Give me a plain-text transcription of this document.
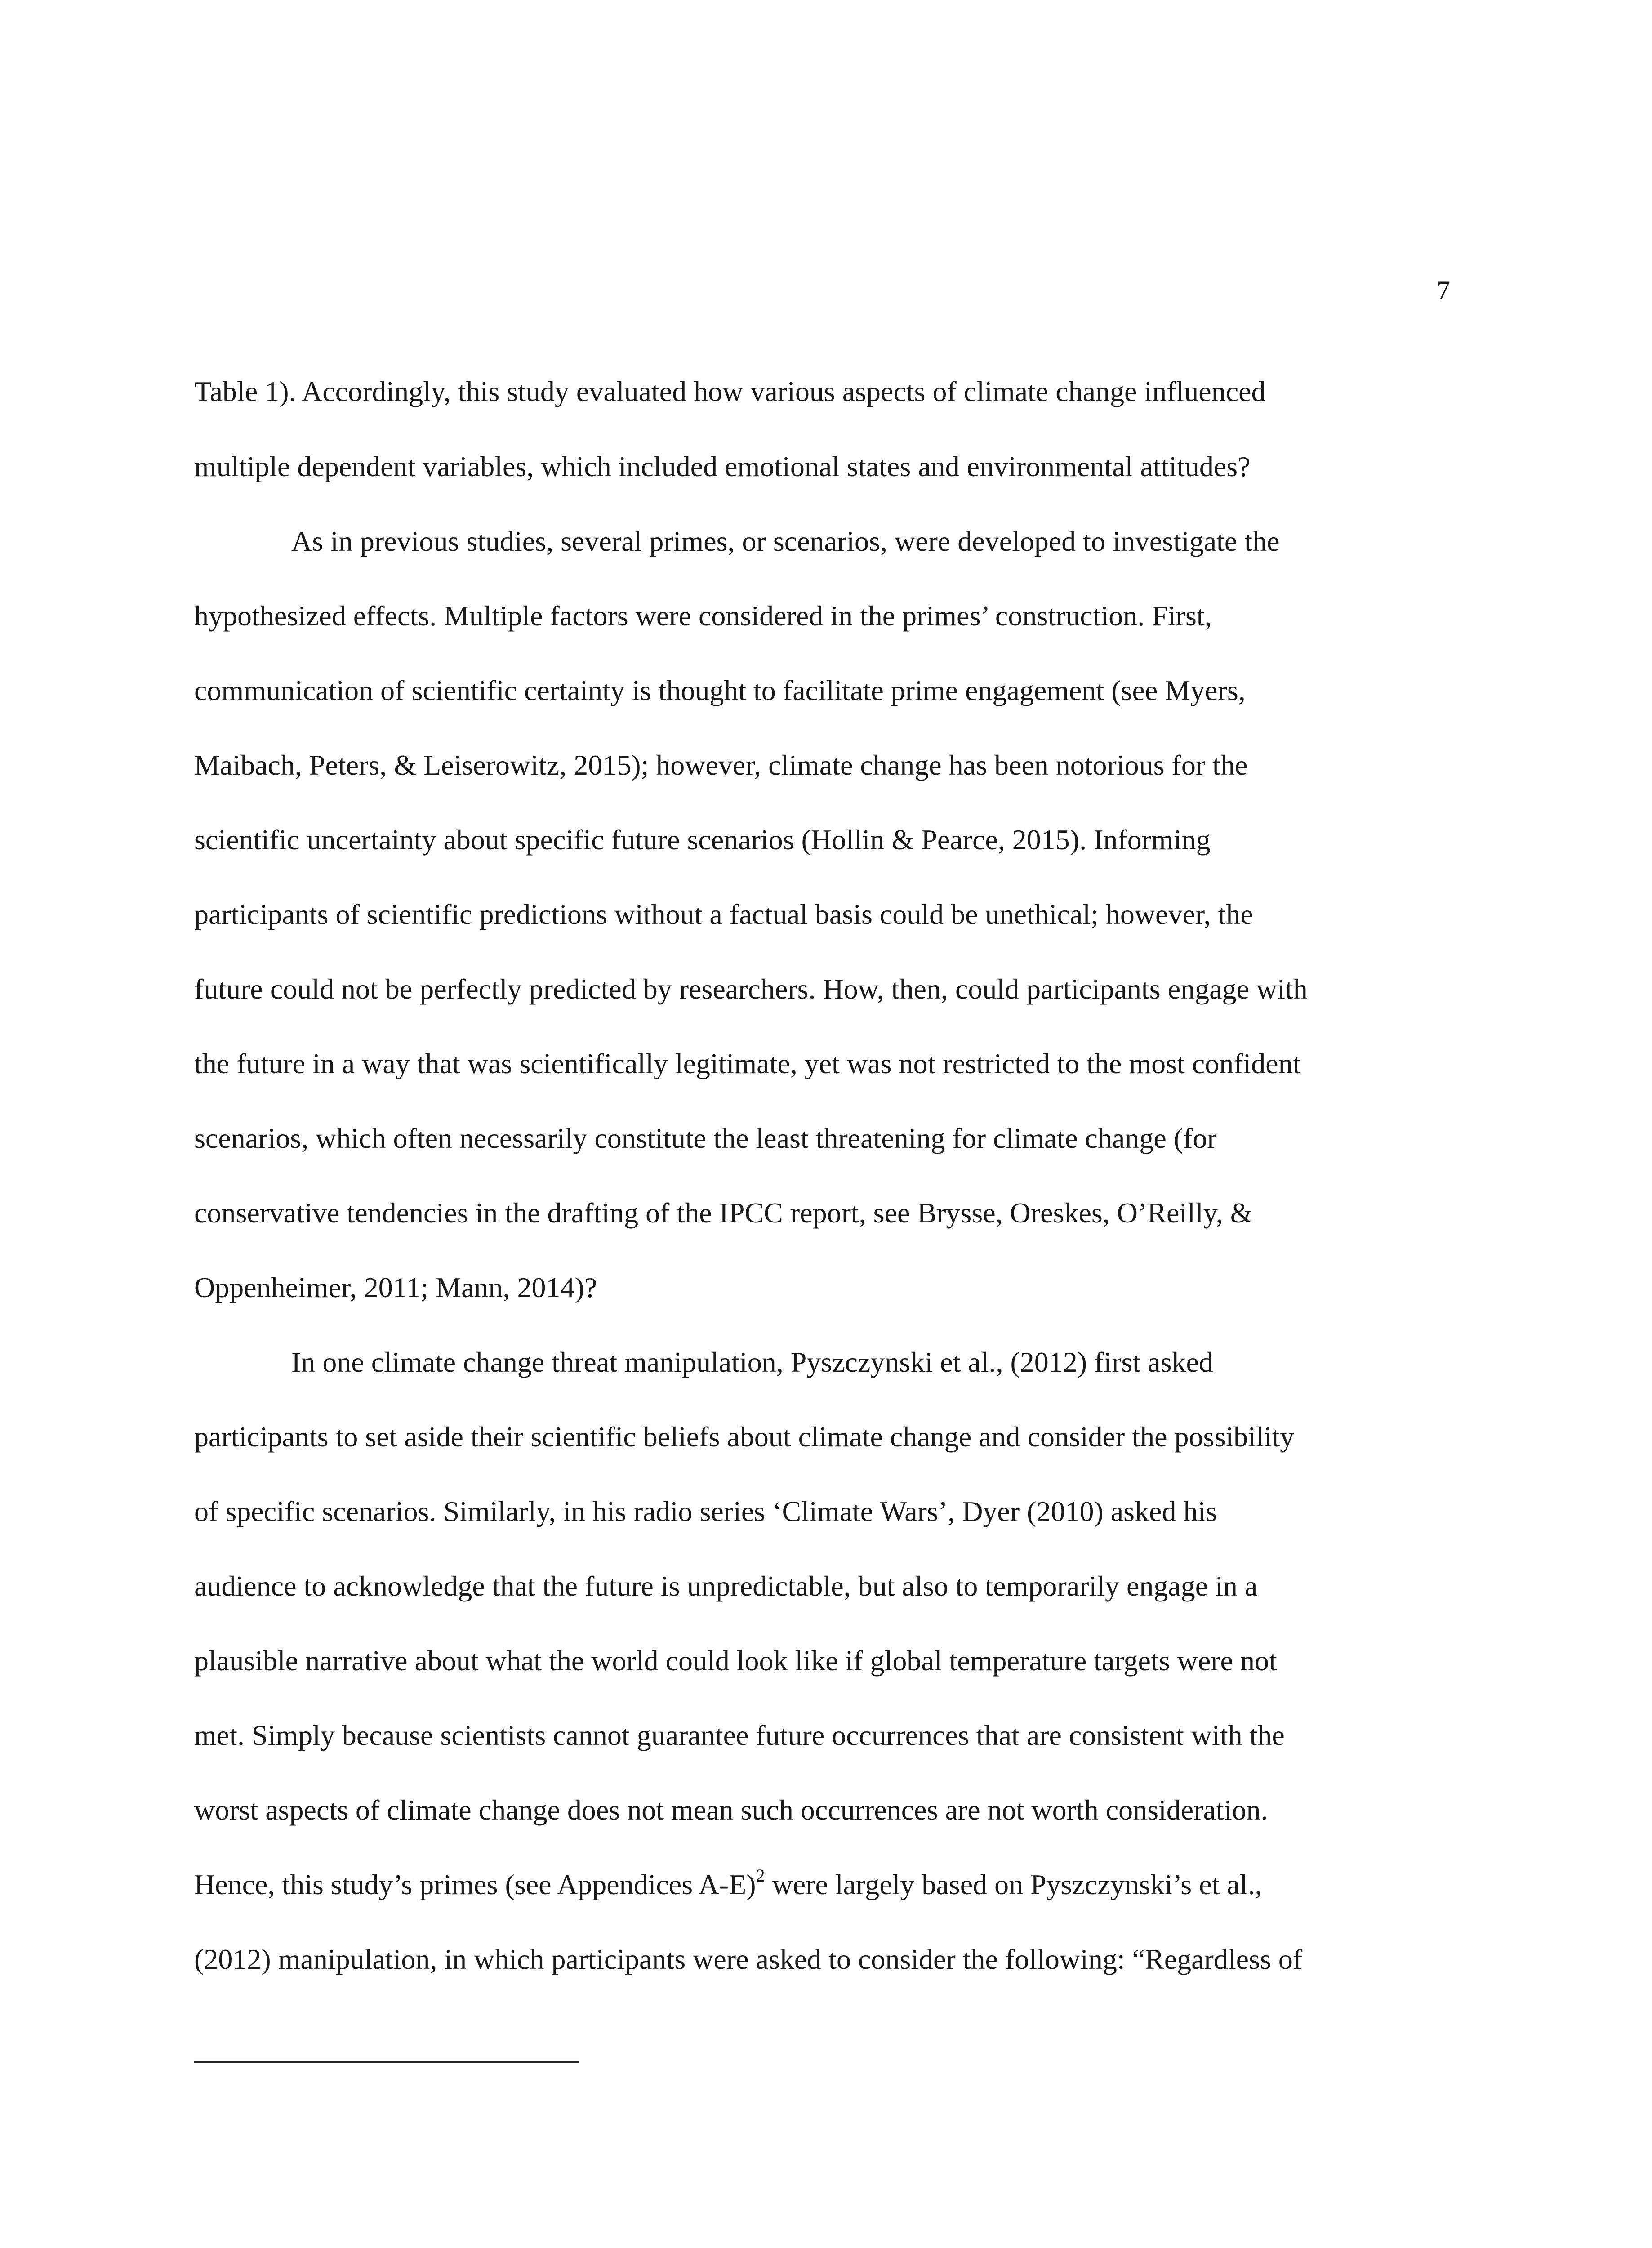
7
Table 1). Accordingly, this study evaluated how various aspects of climate change influenced
multiple dependent variables, which included emotional states and environmental attitudes?
As in previous studies, several primes, or scenarios, were developed to investigate the
hypothesized effects. Multiple factors were considered in the primes’ construction. First,
communication of scientific certainty is thought to facilitate prime engagement (see Myers,
Maibach, Peters, & Leiserowitz, 2015); however, climate change has been notorious for the
scientific uncertainty about specific future scenarios (Hollin & Pearce, 2015). Informing
participants of scientific predictions without a factual basis could be unethical; however, the
future could not be perfectly predicted by researchers. How, then, could participants engage with
the future in a way that was scientifically legitimate, yet was not restricted to the most confident
scenarios, which often necessarily constitute the least threatening for climate change (for
conservative tendencies in the drafting of the IPCC report, see Brysse, Oreskes, O’Reilly, &
Oppenheimer, 2011; Mann, 2014)?
In one climate change threat manipulation, Pyszczynski et al., (2012) first asked
participants to set aside their scientific beliefs about climate change and consider the possibility
of specific scenarios. Similarly, in his radio series ‘Climate Wars’, Dyer (2010) asked his
audience to acknowledge that the future is unpredictable, but also to temporarily engage in a
plausible narrative about what the world could look like if global temperature targets were not
met. Simply because scientists cannot guarantee future occurrences that are consistent with the
worst aspects of climate change does not mean such occurrences are not worth consideration.
Hence, this study’s primes (see Appendices A-E)$^2$ were largely based on Pyszczynski’s et al.,
(2012) manipulation, in which participants were asked to consider the following: “Regardless of
